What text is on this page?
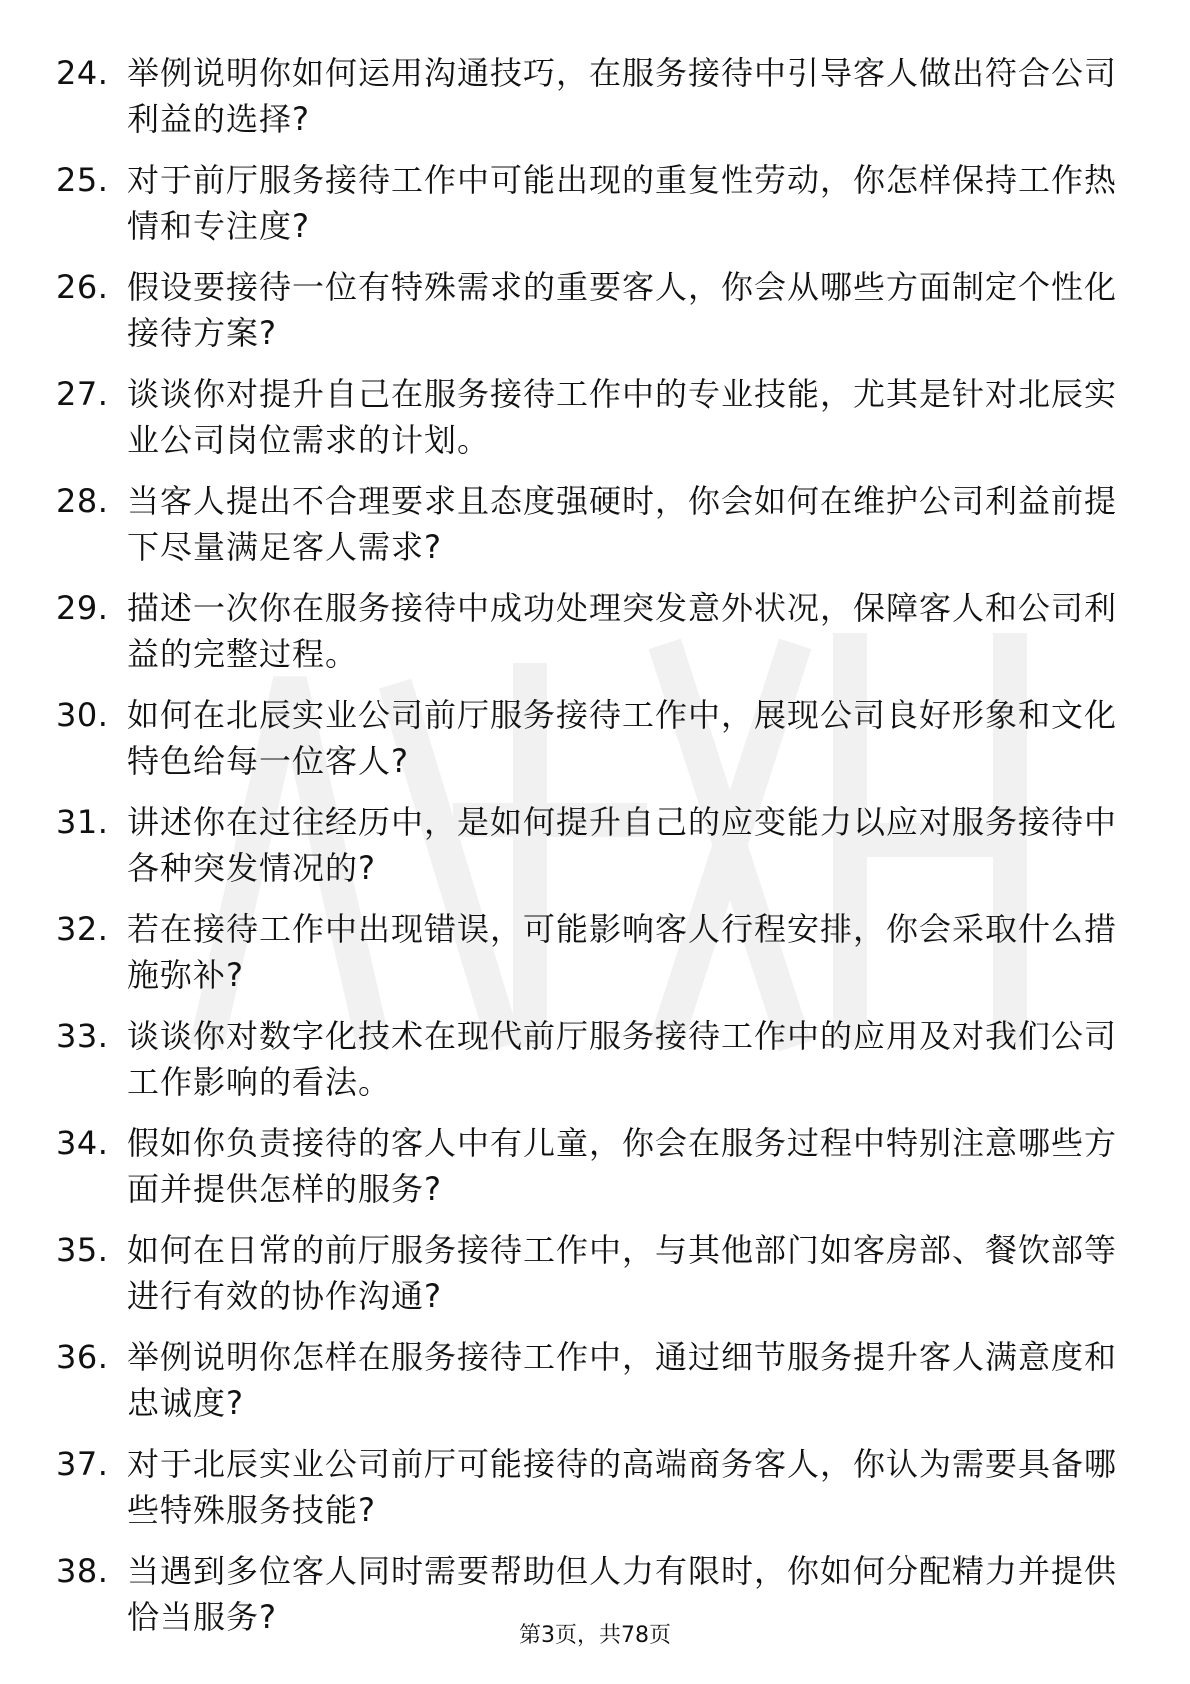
24. 举例说明你如何运用沟通技巧，在服务接待中引导客人做出符合公司利益的选择?
25. 对于前厅服务接待工作中可能出现的重复性劳动，你怎样保持工作热情和专注度?
26. 假设要接待一位有特殊需求的重要客人，你会从哪些方面制定个性化接待方案?
27. 谈谈你对提升自己在服务接待工作中的专业技能，尤其是针对北辰实业公司岗位需求的计划。
28. 当客人提出不合理要求且态度强硬时，你会如何在维护公司利益前提下尽量满足客人需求?
29. 描述一次你在服务接待中成功处理突发意外状况，保障客人和公司利益的完整过程。
30. 如何在北辰实业公司前厅服务接待工作中，展现公司良好形象和文化特色给每一位客人?
31. 讲述你在过往经历中，是如何提升自己的应变能力以应对服务接待中各种突发情况的?
32. 若在接待工作中出现错误，可能影响客人行程安排，你会采取什么措施弥补?
33. 谈谈你对数字化技术在现代前厅服务接待工作中的应用及对我们公司工作影响的看法。
34. 假如你负责接待的客人中有儿童，你会在服务过程中特别注意哪些方面并提供怎样的服务?
35. 如何在日常的前厅服务接待工作中，与其他部门如客房部、餐饮部等进行有效的协作沟通?
36. 举例说明你怎样在服务接待工作中，通过细节服务提升客人满意度和忠诚度?
37. 对于北辰实业公司前厅可能接待的高端商务客人，你认为需要具备哪些特殊服务技能?
38. 当遇到多位客人同时需要帮助但人力有限时，你如何分配精力并提供恰当服务?	第3页，共78页
